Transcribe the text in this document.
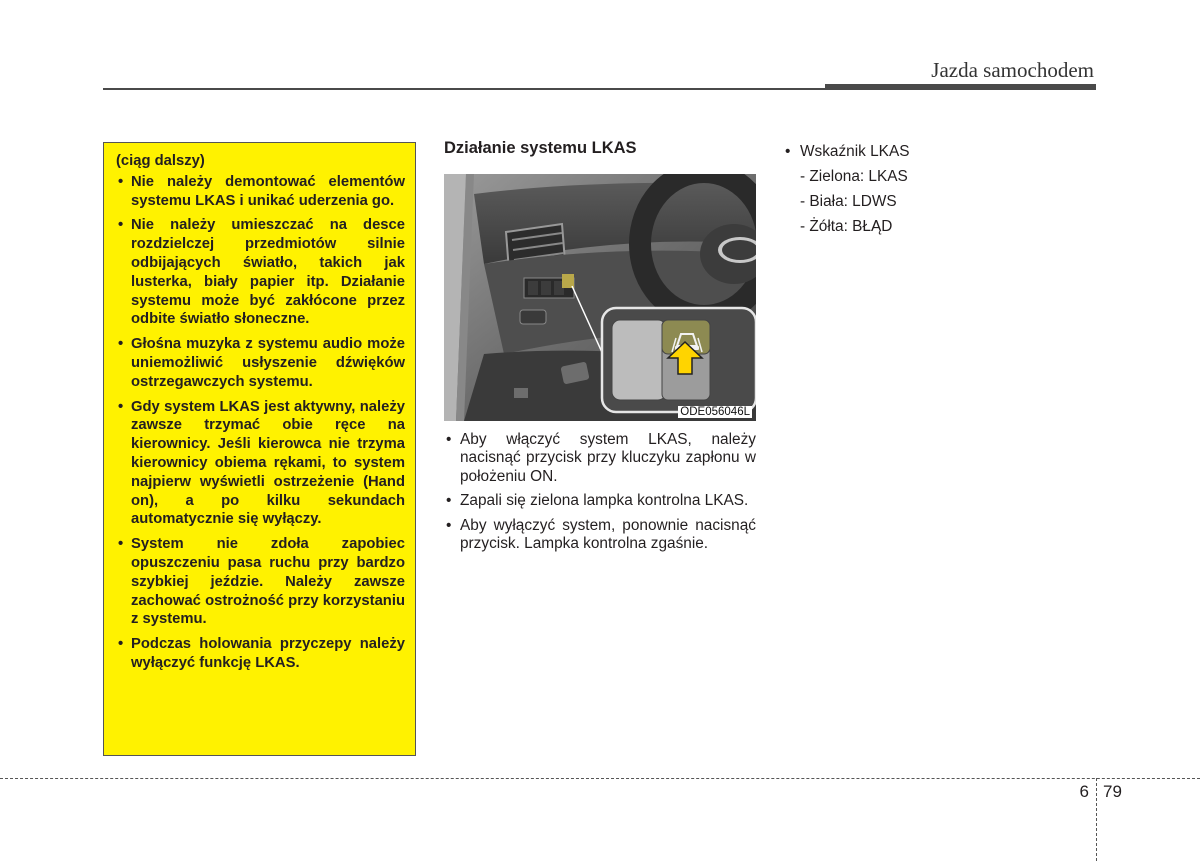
Jazda samochodem
(ciąg dalszy)
• Nie należy demontować elementów systemu LKAS i unikać uderzenia go.
• Nie należy umieszczać na desce rozdzielczej przedmiotów silnie odbijających światło, takich jak lusterka, biały papier itp. Działanie systemu może być zakłócone przez odbite światło słoneczne.
• Głośna muzyka z systemu audio może uniemożliwić usłyszenie dźwięków ostrzegawczych systemu.
• Gdy system LKAS jest aktywny, należy zawsze trzymać obie ręce na kierownicy. Jeśli kierowca nie trzyma kierownicy obiema rękami, to system najpierw wyświetli ostrzeżenie (Hand on), a po kilku sekundach automatycznie się wyłączy.
• System nie zdoła zapobiec opuszczeniu pasa ruchu przy bardzo szybkiej jeździe. Należy zawsze zachować ostrożność przy korzystaniu z systemu.
• Podczas holowania przyczepy należy wyłączyć funkcję LKAS.
Działanie systemu LKAS
ODE056046L
• Aby włączyć system LKAS, należy nacisnąć przycisk przy kluczyku zapłonu w położeniu ON.
• Zapali się zielona lampka kontrolna LKAS.
• Aby wyłączyć system, ponownie nacisnąć przycisk. Lampka kontrolna zgaśnie.
• Wskaźnik LKAS
- Zielona: LKAS
- Biała: LDWS
- Żółta: BŁĄD
6 79
